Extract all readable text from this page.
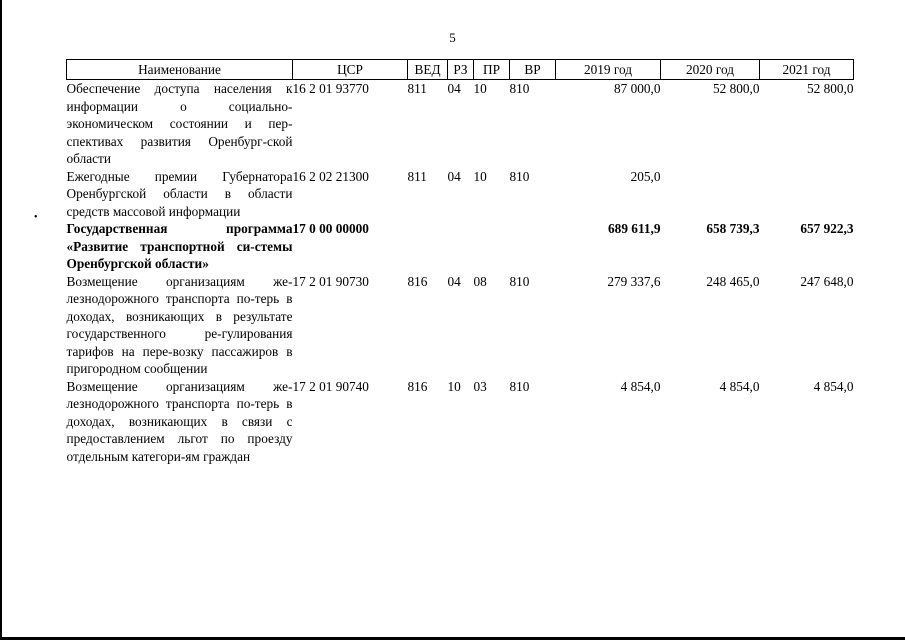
5
•
Наименование	ЦСР	ВЕД	РЗ	ПР	ВР	2019 год	2020 год	2021 год
Обеспечение доступа населения к информации о социально-экономическом состоянии и пер-спективах развития Оренбург-ской области	16 2 01 93770	811	04	10	810	87 000,0	52 800,0	52 800,0
Ежегодные премии Губернатора Оренбургской области в области средств массовой информации	16 2 02 21300	811	04	10	810	205,0		
Государственная программа «Развитие транспортной си-стемы Оренбургской области»	17 0 00 00000					689 611,9	658 739,3	657 922,3
Возмещение организациям же-лезнодорожного транспорта по-терь в доходах, возникающих в результате государственного ре-гулирования тарифов на пере-возку пассажиров в пригородном сообщении	17 2 01 90730	816	04	08	810	279 337,6	248 465,0	247 648,0
Возмещение организациям же-лезнодорожного транспорта по-терь в доходах, возникающих в связи с предоставлением льгот по проезду отдельным категори-ям граждан	17 2 01 90740	816	10	03	810	4 854,0	4 854,0	4 854,0
